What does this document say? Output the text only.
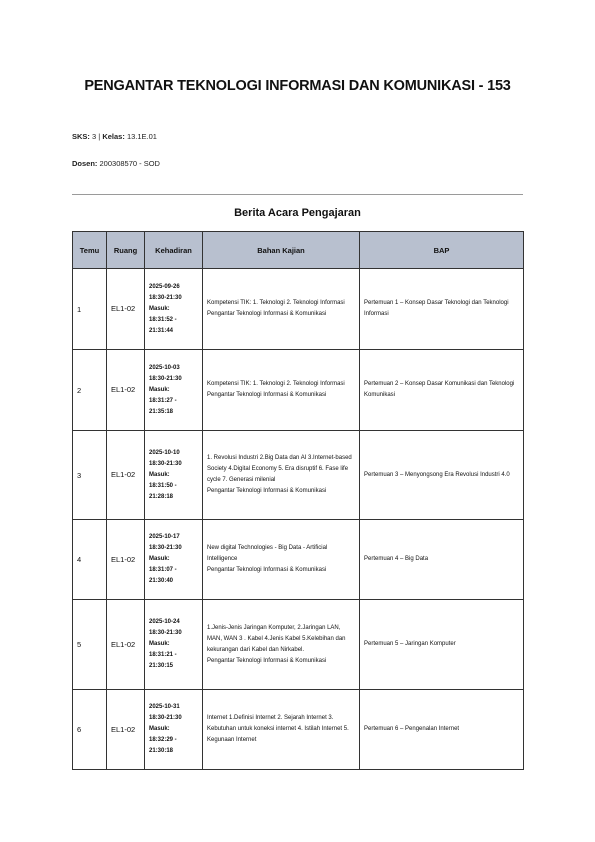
PENGANTAR TEKNOLOGI INFORMASI DAN KOMUNIKASI - 153
SKS: 3 | Kelas: 13.1E.01
Dosen: 200308570 - SOD
Berita Acara Pengajaran
Temu	Ruang	Kehadiran	Bahan Kajian	BAP
1	EL1-02	2025-09-26
18:30-21:30
Masuk:
18:31:52 -
21:31:44	Kompetensi TIK: 1. Teknologi 2. Teknologi Informasi
Pengantar Teknologi Informasi & Komunikasi	Pertemuan 1 – Konsep Dasar Teknologi dan Teknologi Informasi
2	EL1-02	2025-10-03
18:30-21:30
Masuk:
18:31:27 -
21:35:18	Kompetensi TIK: 1. Teknologi 2. Teknologi Informasi
Pengantar Teknologi Informasi & Komunikasi	Pertemuan 2 – Konsep Dasar Komunikasi dan Teknologi Komunikasi
3	EL1-02	2025-10-10
18:30-21:30
Masuk:
18:31:50 -
21:28:18	1. Revolusi Industri 2.Big Data dan AI 3.Internet-based Society 4.Digital Economy 5. Era disruptif 6. Fase life cycle 7. Generasi milenial
Pengantar Teknologi Informasi & Komunikasi	Pertemuan 3 – Menyongsong Era Revolusi Industri 4.0
4	EL1-02	2025-10-17
18:30-21:30
Masuk:
18:31:07 -
21:30:40	New digital Technologies - Big Data - Artificial Intelligence
Pengantar Teknologi Informasi & Komunikasi	Pertemuan 4 – Big Data
5	EL1-02	2025-10-24
18:30-21:30
Masuk:
18:31:21 -
21:30:15	1.Jenis-Jenis Jaringan Komputer, 2.Jaringan LAN, MAN, WAN 3 . Kabel 4.Jenis Kabel 5.Kelebihan dan kekurangan dari Kabel dan Nirkabel.
Pengantar Teknologi Informasi & Komunikasi	Pertemuan 5 – Jaringan Komputer
6	EL1-02	2025-10-31
18:30-21:30
Masuk:
18:32:29 -
21:30:18	Internet 1.Definisi Internet 2. Sejarah Internet 3. Kebutuhan untuk koneksi internet 4. Istilah Internet 5. Kegunaan Internet	Pertemuan 6 – Pengenalan Internet
